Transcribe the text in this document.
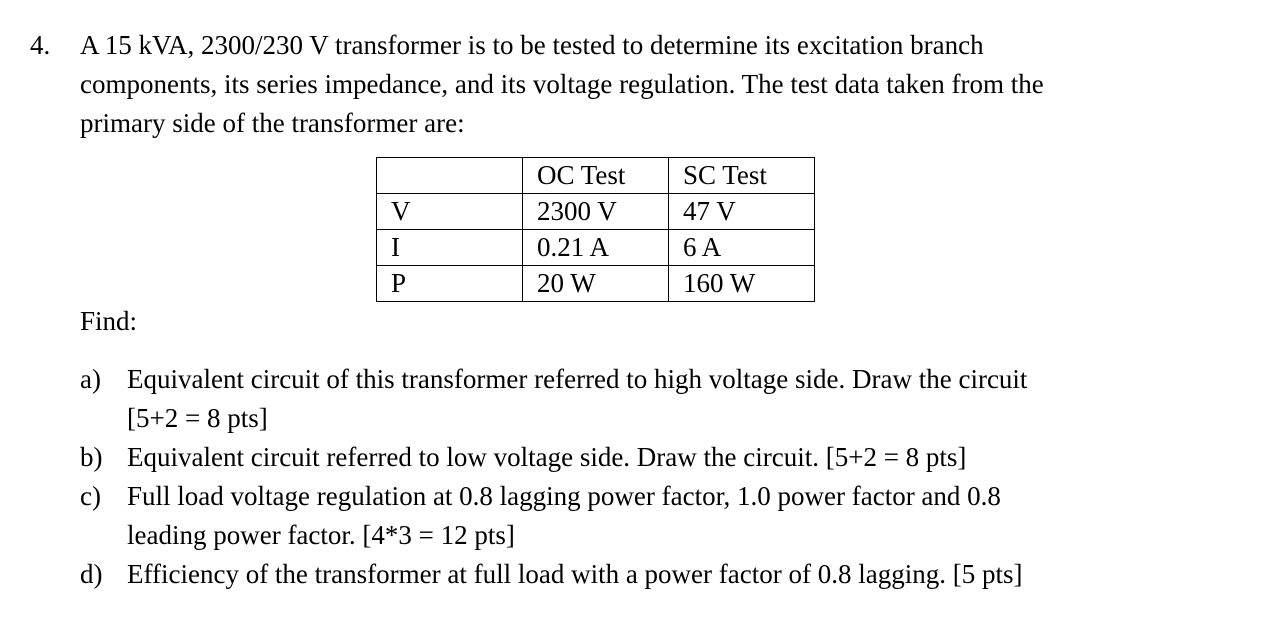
4. A 15 kVA, 2300/230 V transformer is to be tested to determine its excitation branch
components, its series impedance, and its voltage regulation. The test data taken from the
primary side of the transformer are:
	OC Test	SC Test
V	2300 V	47 V
I	0.21 A	6 A
P	20 W	160 W
Find:
a) Equivalent circuit of this transformer referred to high voltage side. Draw the circuit
[5+2 = 8 pts]
b) Equivalent circuit referred to low voltage side. Draw the circuit. [5+2 = 8 pts]
c) Full load voltage regulation at 0.8 lagging power factor, 1.0 power factor and 0.8
leading power factor. [4*3 = 12 pts]
d) Efficiency of the transformer at full load with a power factor of 0.8 lagging. [5 pts]
